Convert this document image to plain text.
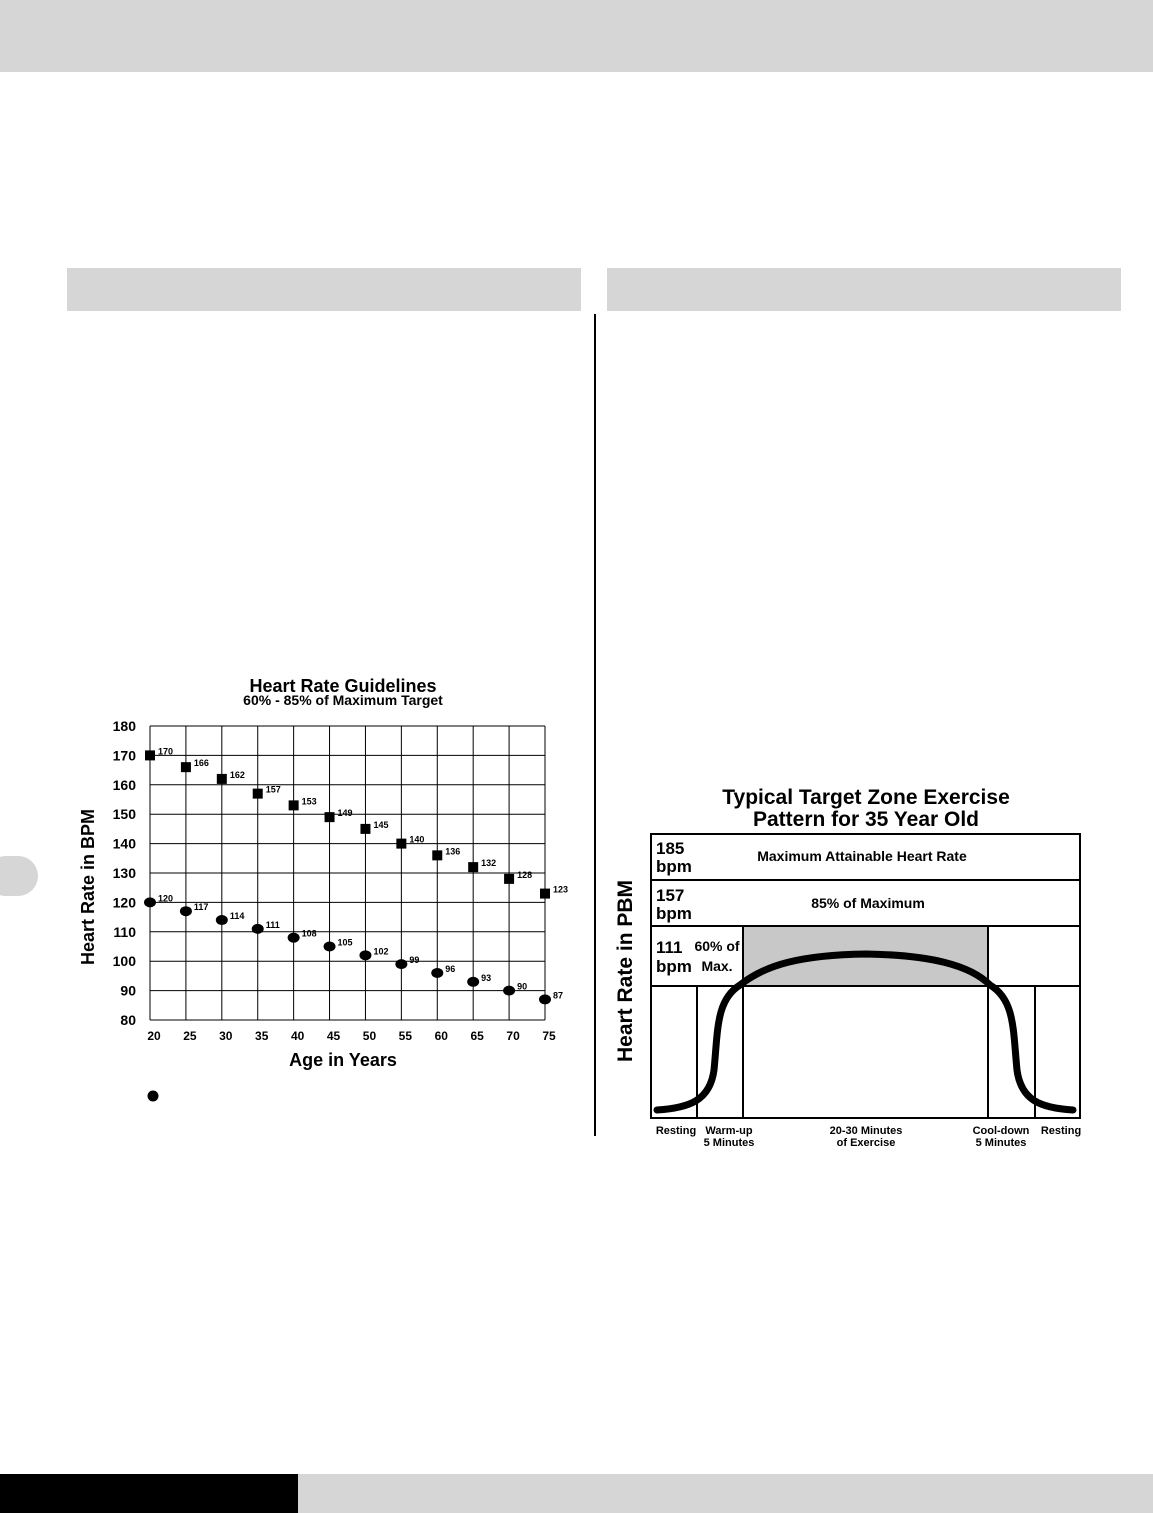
Heart Rate Guidelines
60% - 85% of Maximum Target
180
170
160
150
140
130
120
110
100
90
80
20 25 30 35 40 45 50 55 60 65 70 75
170
166
162
157
153
149
145
140
136
132
128
123
120
117
114
111
108
105
102
99
96
93
90
87
Age in Years
Heart Rate in BPM
Typical Target Zone Exercise
Pattern for 35 Year Old
185
bpm
Maximum Attainable Heart Rate
157
bpm
85% of Maximum
111
bpm
60% of
Max.
Heart Rate in PBM
Resting Warm-up
5 Minutes
20-30 Minutes
of Exercise
Cool-down
5 Minutes
Resting
